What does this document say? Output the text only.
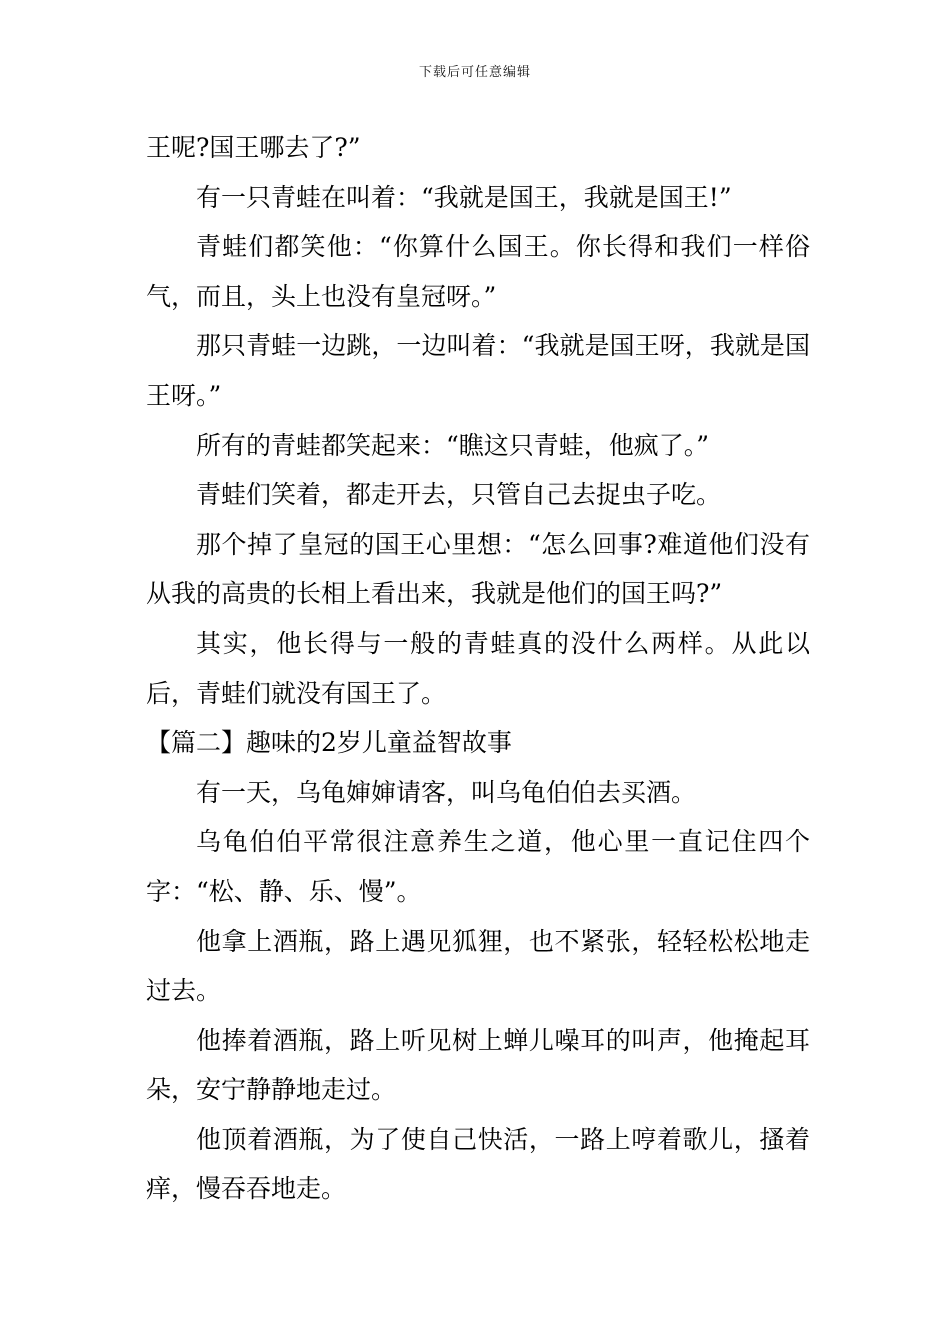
下载后可任意编辑

王呢?国王哪去了?”

有一只青蛙在叫着：“我就是国王，我就是国王!”

青蛙们都笑他：“你算什么国王。你长得和我们一样俗气，而且，头上也没有皇冠呀。”

那只青蛙一边跳，一边叫着：“我就是国王呀，我就是国王呀。”

所有的青蛙都笑起来：“瞧这只青蛙，他疯了。”

青蛙们笑着，都走开去，只管自己去捉虫子吃。

那个掉了皇冠的国王心里想：“怎么回事?难道他们没有从我的高贵的长相上看出来，我就是他们的国王吗?”

其实，他长得与一般的青蛙真的没什么两样。从此以后，青蛙们就没有国王了。

【篇二】趣味的2岁儿童益智故事

有一天，乌龟婶婶请客，叫乌龟伯伯去买酒。

乌龟伯伯平常很注意养生之道，他心里一直记住四个字：“松、静、乐、慢”。

他拿上酒瓶，路上遇见狐狸，也不紧张，轻轻松松地走过去。

他捧着酒瓶，路上听见树上蝉儿噪耳的叫声，他掩起耳朵，安宁静静地走过。

他顶着酒瓶，为了使自己快活，一路上哼着歌儿，搔着痒，慢吞吞地走。
